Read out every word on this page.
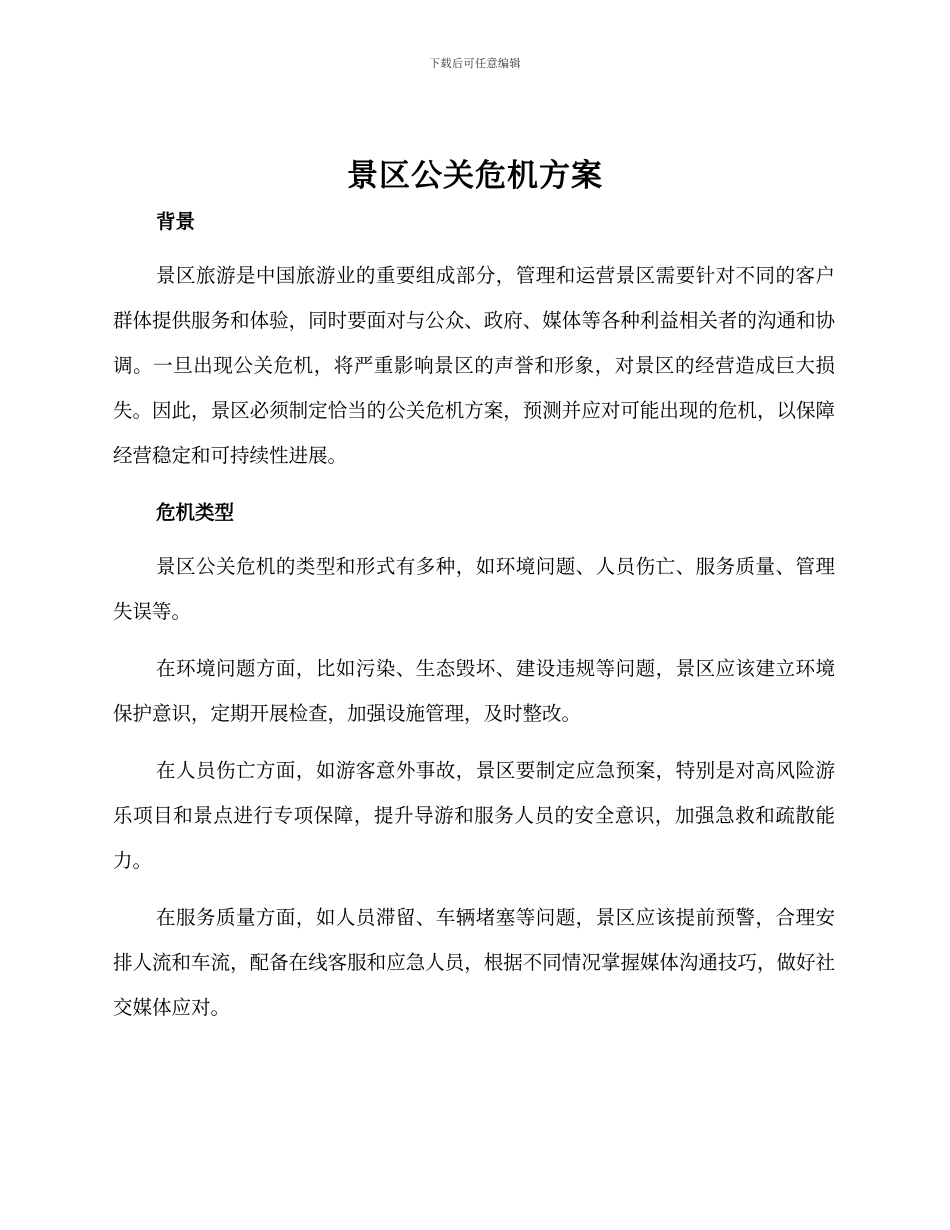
下载后可任意编辑
景区公关危机方案

背景

景区旅游是中国旅游业的重要组成部分，管理和运营景区需要针对不同的客户群体提供服务和体验，同时要面对与公众、政府、媒体等各种利益相关者的沟通和协调。一旦出现公关危机，将严重影响景区的声誉和形象，对景区的经营造成巨大损失。因此，景区必须制定恰当的公关危机方案，预测并应对可能出现的危机，以保障经营稳定和可持续性进展。

危机类型

景区公关危机的类型和形式有多种，如环境问题、人员伤亡、服务质量、管理失误等。

在环境问题方面，比如污染、生态毁坏、建设违规等问题，景区应该建立环境保护意识，定期开展检查，加强设施管理，及时整改。

在人员伤亡方面，如游客意外事故，景区要制定应急预案，特别是对高风险游乐项目和景点进行专项保障，提升导游和服务人员的安全意识，加强急救和疏散能力。

在服务质量方面，如人员滞留、车辆堵塞等问题，景区应该提前预警，合理安排人流和车流，配备在线客服和应急人员，根据不同情况掌握媒体沟通技巧，做好社交媒体应对。
